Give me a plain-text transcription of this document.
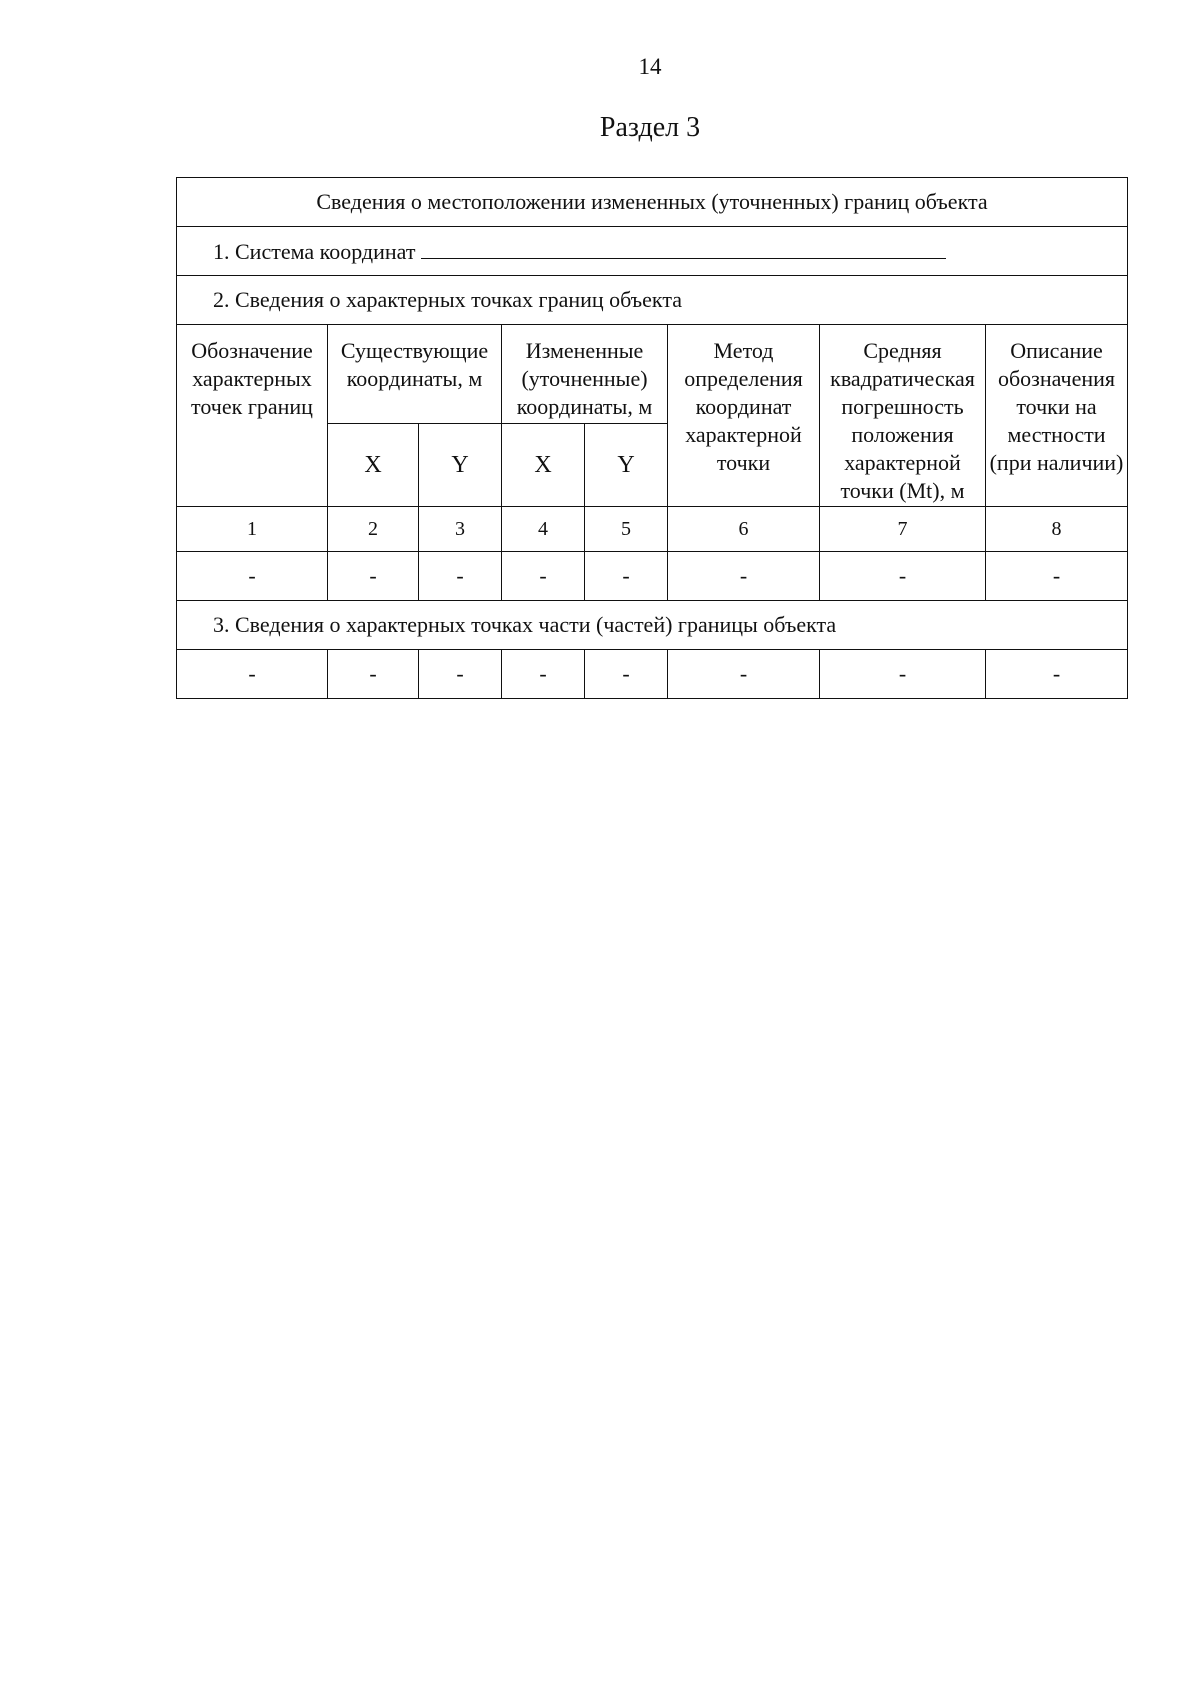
14
Раздел 3
Сведения о местоположении измененных (уточненных) границ объекта							
1. Система координат							
2. Сведения о характерных точках границ объекта							
Обозначение характерных точек границ	Существующие координаты, м		Измененные (уточненные) координаты, м		Метод определения координат характерной точки	Средняя квадратическая погрешность положения характерной точки (Mt), м	Описание обозначения точки на местности (при наличии)
	X	Y	X	Y			
1	2	3	4	5	6	7	8
-	-	-	-	-	-	-	-
3. Сведения о характерных точках части (частей) границы объекта							
-	-	-	-	-	-	-	-
